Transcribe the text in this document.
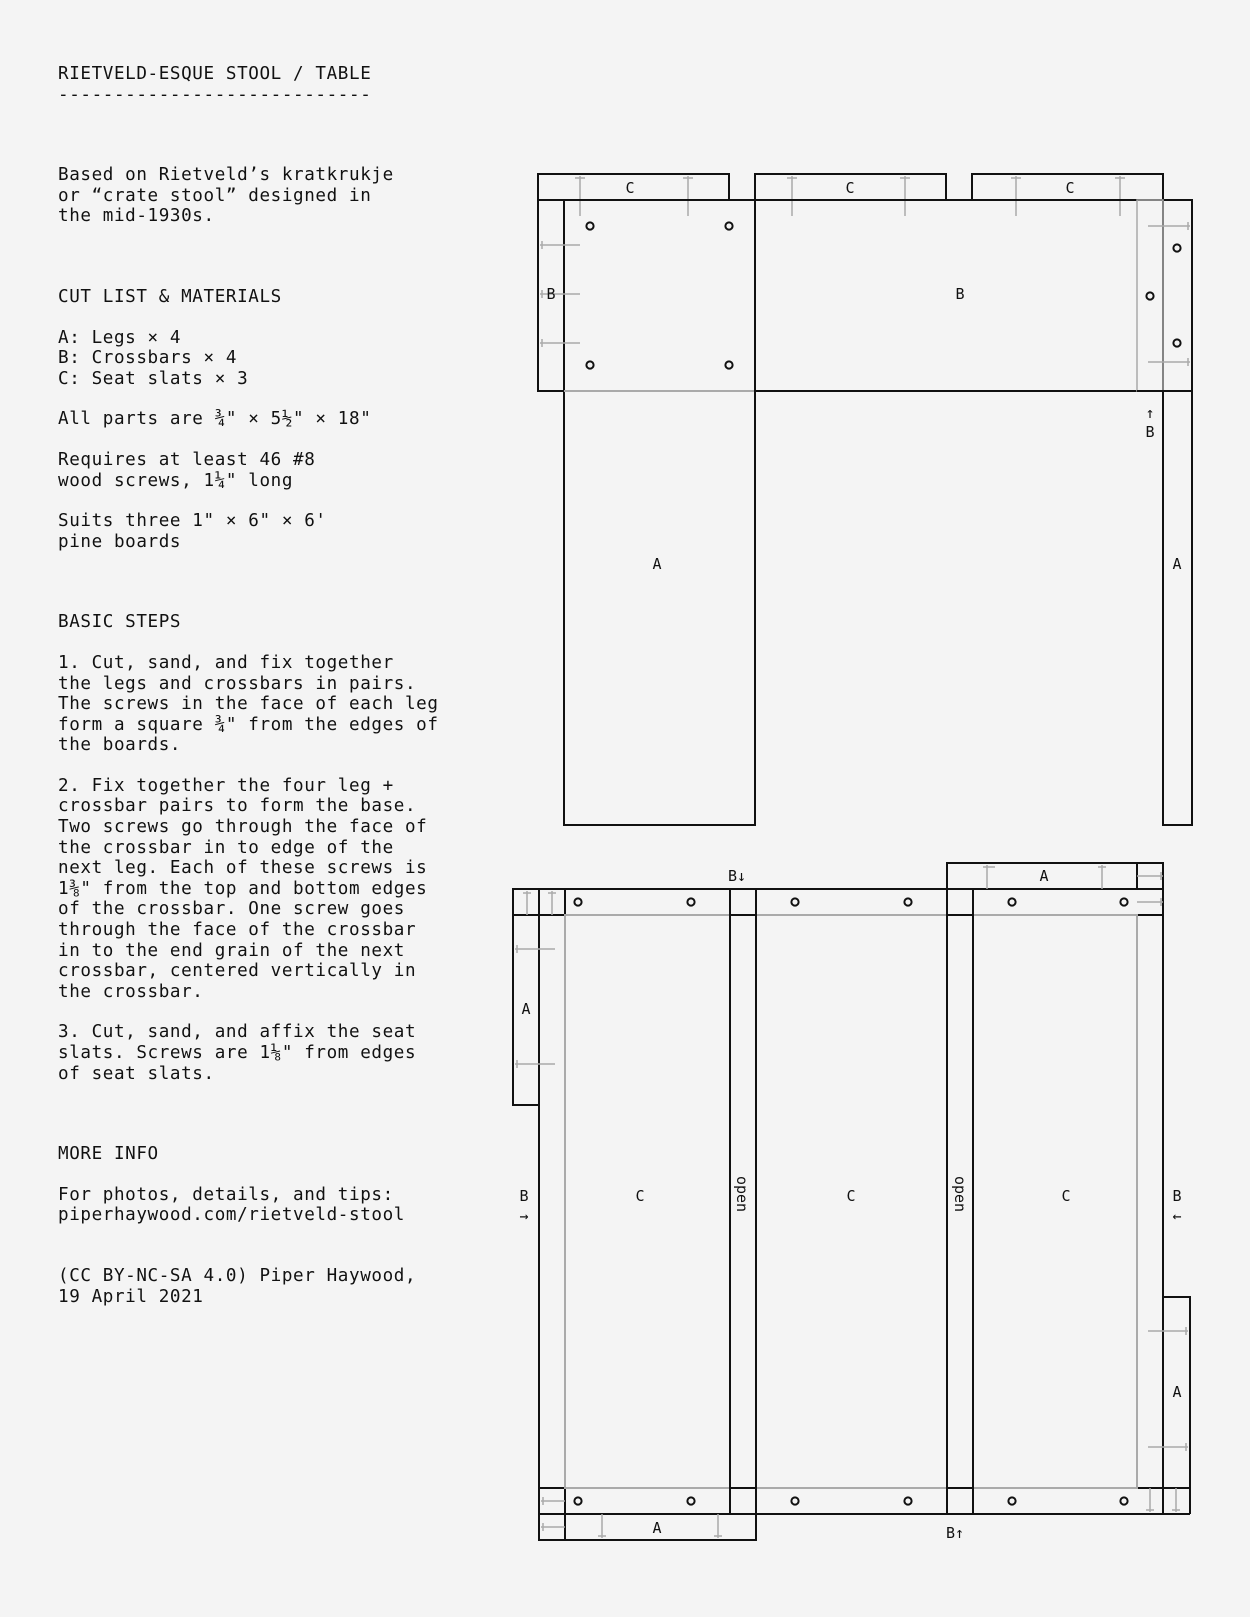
RIETVELD-ESQUE STOOL / TABLE
----------------------------
Based on Rietveld’s kratkrukje
or “crate stool” designed in
the mid-1930s.
CUT LIST & MATERIALS
A: Legs × 4
B: Crossbars × 4
C: Seat slats × 3
All parts are ¾" × 5½" × 18"
Requires at least 46 #8
wood screws, 1¼" long
Suits three 1" × 6" × 6'
pine boards
BASIC STEPS
1. Cut, sand, and fix together
the legs and crossbars in pairs.
The screws in the face of each leg
form a square ¾" from the edges of
the boards.
2. Fix together the four leg +
crossbar pairs to form the base.
Two screws go through the face of
the crossbar in to edge of the
next leg. Each of these screws is
1⅜" from the top and bottom edges
of the crossbar. One screw goes
through the face of the crossbar
in to the end grain of the next
crossbar, centered vertically in
the crossbar.
3. Cut, sand, and affix the seat
slats. Screws are 1⅛" from edges
of seat slats.
MORE INFO
For photos, details, and tips:
piperhaywood.com/rietveld-stool
(CC BY-NC-SA 4.0) Piper Haywood,
19 April 2021
C	C	C
B	B
↑
B
A	A
B↓	A
A
B
→
C	C	C	B
←
A
A	B↑
open	open
